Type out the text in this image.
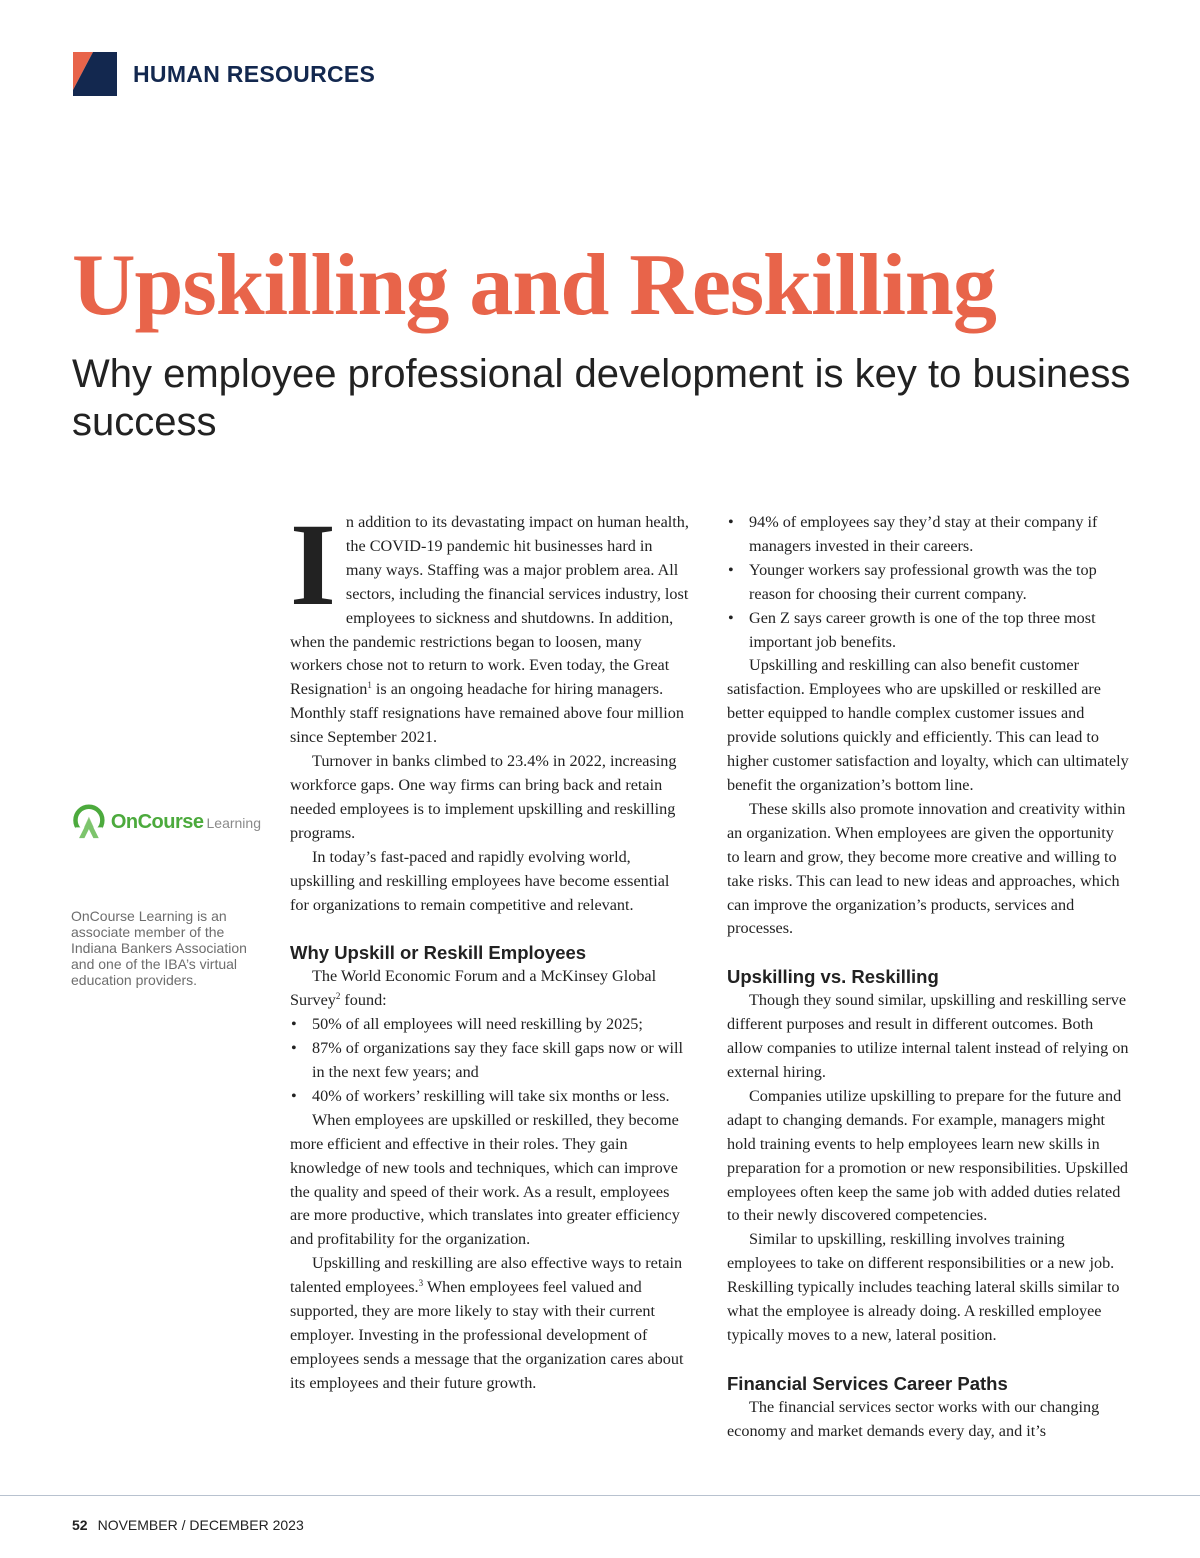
HUMAN RESOURCES
Upskilling and Reskilling
Why employee professional development is key to business success
OnCourse Learning
OnCourse Learning is an associate member of the Indiana Bankers Association and one of the IBA’s virtual education providers.

In addition to its devastating impact on human health, the COVID-19 pandemic hit businesses hard in many ways. Staffing was a major problem area. All sectors, including the financial services industry, lost employees to sickness and shutdowns. In addition, when the pandemic restrictions began to loosen, many workers chose not to return to work. Even today, the Great Resignation$^1$ is an ongoing headache for hiring managers. Monthly staff resignations have remained above four million since September 2021.

Turnover in banks climbed to 23.4% in 2022, increasing workforce gaps. One way firms can bring back and retain needed employees is to implement upskilling and reskilling programs.

In today’s fast-paced and rapidly evolving world, upskilling and reskilling employees have become essential for organizations to remain competitive and relevant.

Why Upskill or Reskill Employees

The World Economic Forum and a McKinsey Global Survey$^2$ found:

• 50% of all employees will need reskilling by 2025;
• 87% of organizations say they face skill gaps now or will in the next few years; and
• 40% of workers’ reskilling will take six months or less.

When employees are upskilled or reskilled, they become more efficient and effective in their roles. They gain knowledge of new tools and techniques, which can improve the quality and speed of their work. As a result, employees are more productive, which translates into greater efficiency and profitability for the organization.

Upskilling and reskilling are also effective ways to retain talented employees.$^3$ When employees feel valued and supported, they are more likely to stay with their current employer. Investing in the professional development of employees sends a message that the organization cares about its employees and their future growth.

• 94% of employees say they’d stay at their company if managers invested in their careers.
• Younger workers say professional growth was the top reason for choosing their current company.
• Gen Z says career growth is one of the top three most important job benefits.

Upskilling and reskilling can also benefit customer satisfaction. Employees who are upskilled or reskilled are better equipped to handle complex customer issues and provide solutions quickly and efficiently. This can lead to higher customer satisfaction and loyalty, which can ultimately benefit the organization’s bottom line.

These skills also promote innovation and creativity within an organization. When employees are given the opportunity to learn and grow, they become more creative and willing to take risks. This can lead to new ideas and approaches, which can improve the organization’s products, services and processes.

Upskilling vs. Reskilling

Though they sound similar, upskilling and reskilling serve different purposes and result in different outcomes. Both allow companies to utilize internal talent instead of relying on external hiring.

Companies utilize upskilling to prepare for the future and adapt to changing demands. For example, managers might hold training events to help employees learn new skills in preparation for a promotion or new responsibilities. Upskilled employees often keep the same job with added duties related to their newly discovered competencies.

Similar to upskilling, reskilling involves training employees to take on different responsibilities or a new job. Reskilling typically includes teaching lateral skills similar to what the employee is already doing. A reskilled employee typically moves to a new, lateral position.

Financial Services Career Paths

The financial services sector works with our changing economy and market demands every day, and it’s

52 NOVEMBER / DECEMBER 2023
